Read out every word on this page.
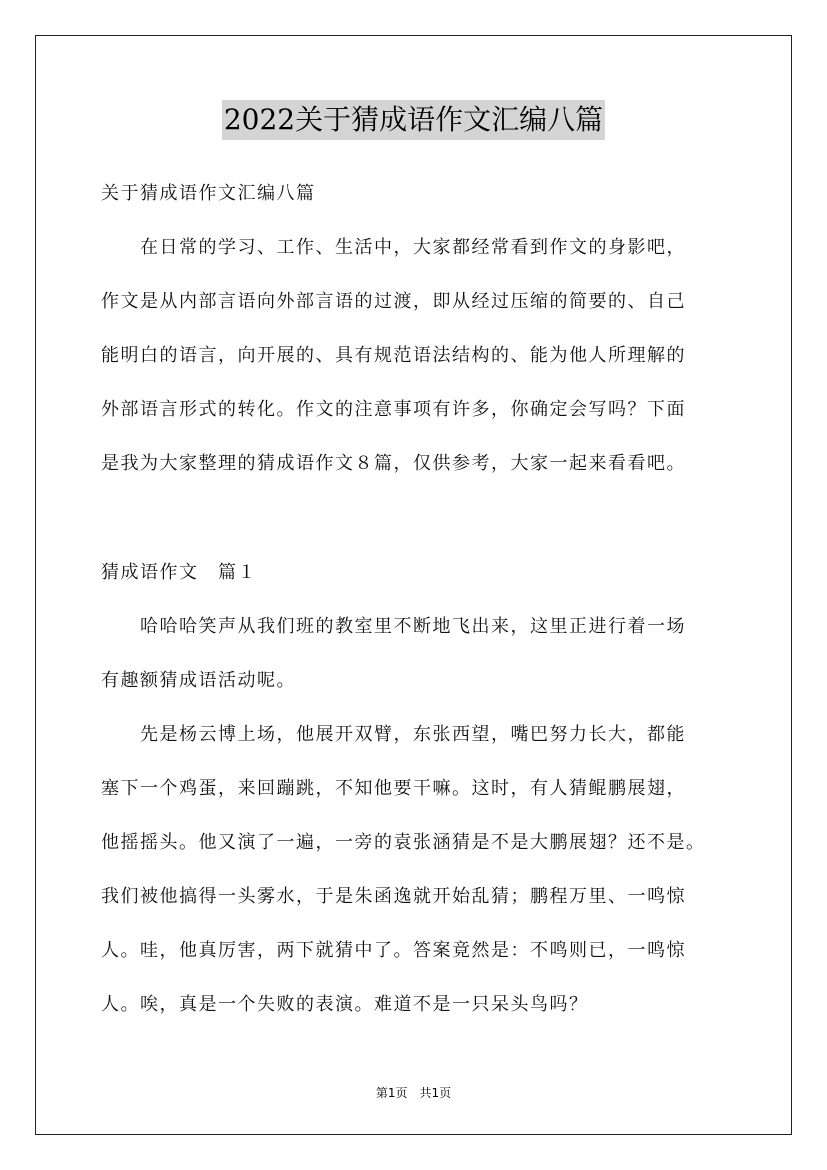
2022关于猜成语作文汇编八篇
关于猜成语作文汇编八篇
　　在日常的学习、工作、生活中，大家都经常看到作文的身影吧，
作文是从内部言语向外部言语的过渡，即从经过压缩的简要的、自己
能明白的语言，向开展的、具有规范语法结构的、能为他人所理解的
外部语言形式的转化。作文的注意事项有许多，你确定会写吗？下面
是我为大家整理的猜成语作文８篇，仅供参考，大家一起来看看吧。
猜成语作文　篇１
　　哈哈哈笑声从我们班的教室里不断地飞出来，这里正进行着一场
有趣额猜成语活动呢。
　　先是杨云博上场，他展开双臂，东张西望，嘴巴努力长大，都能
塞下一个鸡蛋，来回蹦跳，不知他要干嘛。这时，有人猜鲲鹏展翅，
他摇摇头。他又演了一遍，一旁的袁张涵猜是不是大鹏展翅？还不是。
我们被他搞得一头雾水，于是朱函逸就开始乱猜；鹏程万里、一鸣惊
人。哇，他真厉害，两下就猜中了。答案竟然是：不鸣则已，一鸣惊
人。唉，真是一个失败的表演。难道不是一只呆头鸟吗？
第1页　共1页
